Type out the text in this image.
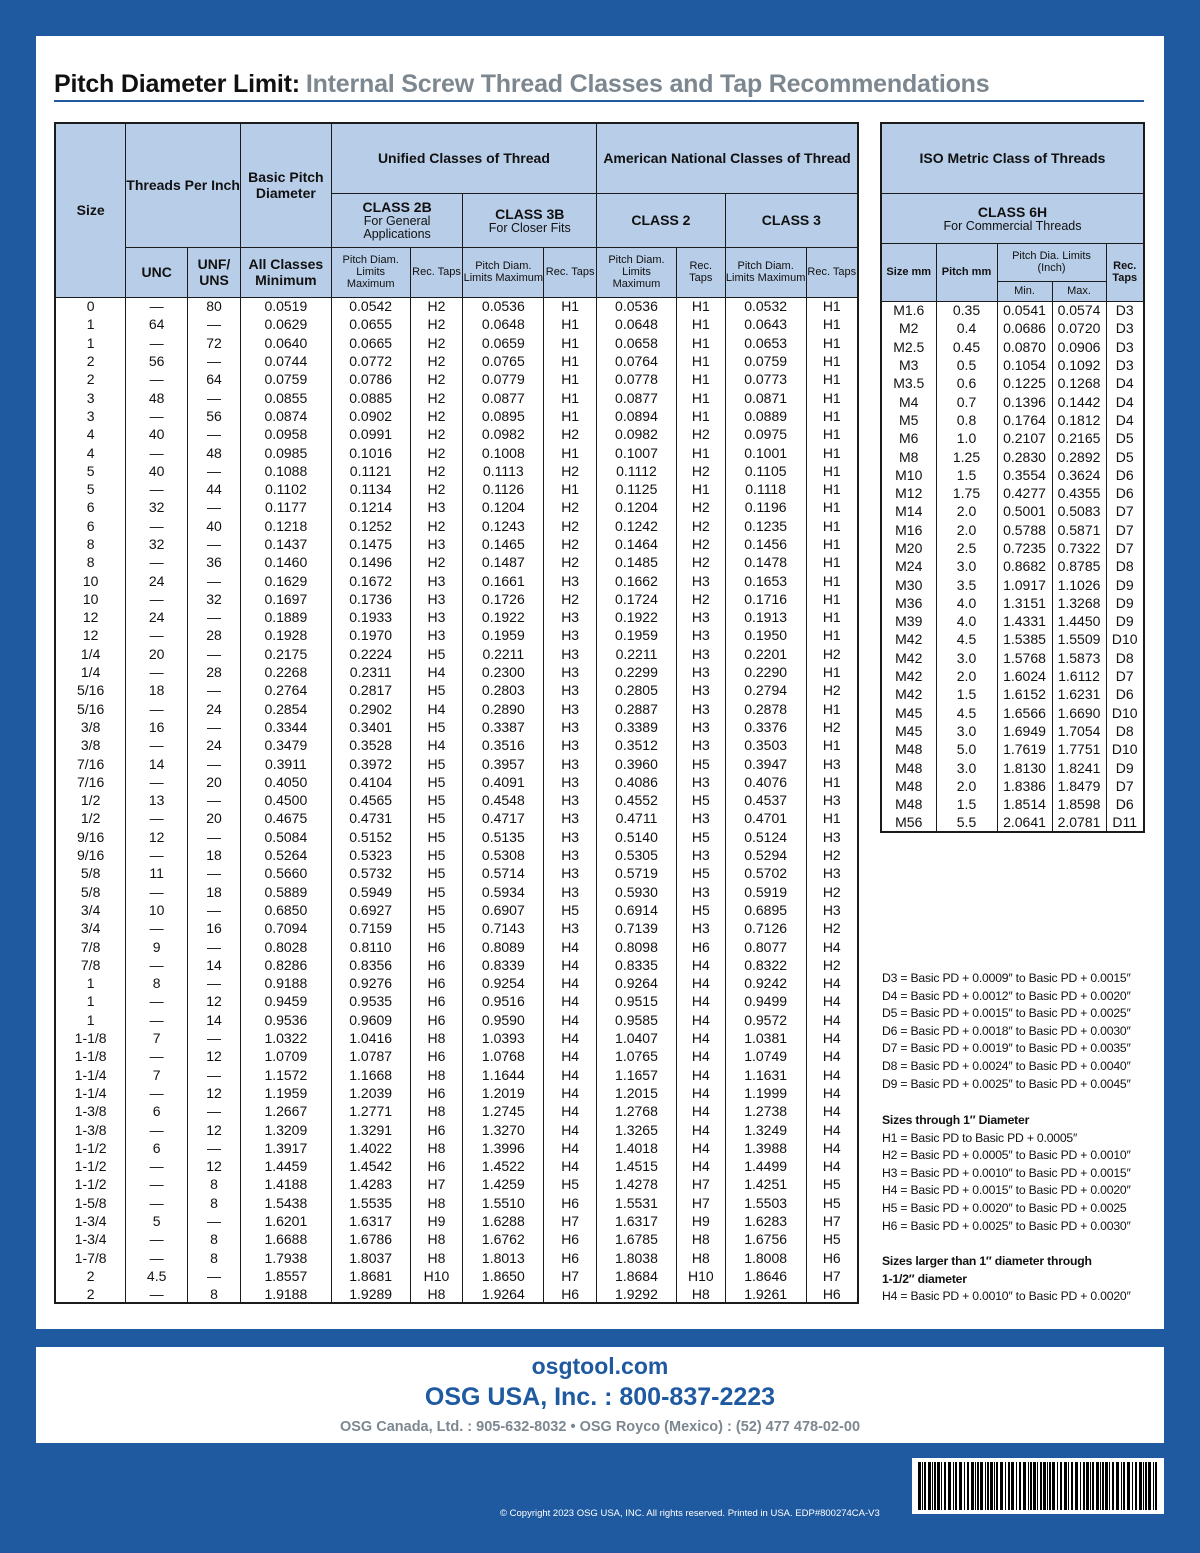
Pitch Diameter Limit: Internal Screw Thread Classes and Tap Recommendations
Size	Threads Per Inch		Basic Pitch Diameter	Unified Classes of Thread				American National Classes of Thread			
				CLASS 2B
For General Applications		CLASS 3B
For Closer Fits		CLASS 2		CLASS 3	
	UNC	UNF/ UNS	All Classes Minimum	Pitch Diam. Limits Maximum	Rec. Taps	Pitch Diam. Limits Maximum	Rec. Taps	Pitch Diam. Limits Maximum	Rec. Taps	Pitch Diam. Limits Maximum	Rec. Taps
0	—	80	0.0519	0.0542	H2	0.0536	H1	0.0536	H1	0.0532	H1
1	64	—	0.0629	0.0655	H2	0.0648	H1	0.0648	H1	0.0643	H1
1	—	72	0.0640	0.0665	H2	0.0659	H1	0.0658	H1	0.0653	H1
2	56	—	0.0744	0.0772	H2	0.0765	H1	0.0764	H1	0.0759	H1
2	—	64	0.0759	0.0786	H2	0.0779	H1	0.0778	H1	0.0773	H1
3	48	—	0.0855	0.0885	H2	0.0877	H1	0.0877	H1	0.0871	H1
3	—	56	0.0874	0.0902	H2	0.0895	H1	0.0894	H1	0.0889	H1
4	40	—	0.0958	0.0991	H2	0.0982	H2	0.0982	H2	0.0975	H1
4	—	48	0.0985	0.1016	H2	0.1008	H1	0.1007	H1	0.1001	H1
5	40	—	0.1088	0.1121	H2	0.1113	H2	0.1112	H2	0.1105	H1
5	—	44	0.1102	0.1134	H2	0.1126	H1	0.1125	H1	0.1118	H1
6	32	—	0.1177	0.1214	H3	0.1204	H2	0.1204	H2	0.1196	H1
6	—	40	0.1218	0.1252	H2	0.1243	H2	0.1242	H2	0.1235	H1
8	32	—	0.1437	0.1475	H3	0.1465	H2	0.1464	H2	0.1456	H1
8	—	36	0.1460	0.1496	H2	0.1487	H2	0.1485	H2	0.1478	H1
10	24	—	0.1629	0.1672	H3	0.1661	H3	0.1662	H3	0.1653	H1
10	—	32	0.1697	0.1736	H3	0.1726	H2	0.1724	H2	0.1716	H1
12	24	—	0.1889	0.1933	H3	0.1922	H3	0.1922	H3	0.1913	H1
12	—	28	0.1928	0.1970	H3	0.1959	H3	0.1959	H3	0.1950	H1
1/4	20	—	0.2175	0.2224	H5	0.2211	H3	0.2211	H3	0.2201	H2
1/4	—	28	0.2268	0.2311	H4	0.2300	H3	0.2299	H3	0.2290	H1
5/16	18	—	0.2764	0.2817	H5	0.2803	H3	0.2805	H3	0.2794	H2
5/16	—	24	0.2854	0.2902	H4	0.2890	H3	0.2887	H3	0.2878	H1
3/8	16	—	0.3344	0.3401	H5	0.3387	H3	0.3389	H3	0.3376	H2
3/8	—	24	0.3479	0.3528	H4	0.3516	H3	0.3512	H3	0.3503	H1
7/16	14	—	0.3911	0.3972	H5	0.3957	H3	0.3960	H5	0.3947	H3
7/16	—	20	0.4050	0.4104	H5	0.4091	H3	0.4086	H3	0.4076	H1
1/2	13	—	0.4500	0.4565	H5	0.4548	H3	0.4552	H5	0.4537	H3
1/2	—	20	0.4675	0.4731	H5	0.4717	H3	0.4711	H3	0.4701	H1
9/16	12	—	0.5084	0.5152	H5	0.5135	H3	0.5140	H5	0.5124	H3
9/16	—	18	0.5264	0.5323	H5	0.5308	H3	0.5305	H3	0.5294	H2
5/8	11	—	0.5660	0.5732	H5	0.5714	H3	0.5719	H5	0.5702	H3
5/8	—	18	0.5889	0.5949	H5	0.5934	H3	0.5930	H3	0.5919	H2
3/4	10	—	0.6850	0.6927	H5	0.6907	H5	0.6914	H5	0.6895	H3
3/4	—	16	0.7094	0.7159	H5	0.7143	H3	0.7139	H3	0.7126	H2
7/8	9	—	0.8028	0.8110	H6	0.8089	H4	0.8098	H6	0.8077	H4
7/8	—	14	0.8286	0.8356	H6	0.8339	H4	0.8335	H4	0.8322	H2
1	8	—	0.9188	0.9276	H6	0.9254	H4	0.9264	H4	0.9242	H4
1	—	12	0.9459	0.9535	H6	0.9516	H4	0.9515	H4	0.9499	H4
1	—	14	0.9536	0.9609	H6	0.9590	H4	0.9585	H4	0.9572	H4
1-1/8	7	—	1.0322	1.0416	H8	1.0393	H4	1.0407	H4	1.0381	H4
1-1/8	—	12	1.0709	1.0787	H6	1.0768	H4	1.0765	H4	1.0749	H4
1-1/4	7	—	1.1572	1.1668	H8	1.1644	H4	1.1657	H4	1.1631	H4
1-1/4	—	12	1.1959	1.2039	H6	1.2019	H4	1.2015	H4	1.1999	H4
1-3/8	6	—	1.2667	1.2771	H8	1.2745	H4	1.2768	H4	1.2738	H4
1-3/8	—	12	1.3209	1.3291	H6	1.3270	H4	1.3265	H4	1.3249	H4
1-1/2	6	—	1.3917	1.4022	H8	1.3996	H4	1.4018	H4	1.3988	H4
1-1/2	—	12	1.4459	1.4542	H6	1.4522	H4	1.4515	H4	1.4499	H4
1-1/2	—	8	1.4188	1.4283	H7	1.4259	H5	1.4278	H7	1.4251	H5
1-5/8	—	8	1.5438	1.5535	H8	1.5510	H6	1.5531	H7	1.5503	H5
1-3/4	5	—	1.6201	1.6317	H9	1.6288	H7	1.6317	H9	1.6283	H7
1-3/4	—	8	1.6688	1.6786	H8	1.6762	H6	1.6785	H8	1.6756	H5
1-7/8	—	8	1.7938	1.8037	H8	1.8013	H6	1.8038	H8	1.8008	H6
2	4.5	—	1.8557	1.8681	H10	1.8650	H7	1.8684	H10	1.8646	H7
2	—	8	1.9188	1.9289	H8	1.9264	H6	1.9292	H8	1.9261	H6
ISO Metric Class of Threads				
CLASS 6H
For Commercial Threads				

Size mm	Pitch mm	Pitch Dia. Limits (Inch)		Rec. Taps
		Min.	Max.	
M1.6	0.35	0.0541	0.0574	D3
M2	0.4	0.0686	0.0720	D3
M2.5	0.45	0.0870	0.0906	D3
M3	0.5	0.1054	0.1092	D3
M3.5	0.6	0.1225	0.1268	D4
M4	0.7	0.1396	0.1442	D4
M5	0.8	0.1764	0.1812	D4
M6	1.0	0.2107	0.2165	D5
M8	1.25	0.2830	0.2892	D5
M10	1.5	0.3554	0.3624	D6
M12	1.75	0.4277	0.4355	D6
M14	2.0	0.5001	0.5083	D7
M16	2.0	0.5788	0.5871	D7
M20	2.5	0.7235	0.7322	D7
M24	3.0	0.8682	0.8785	D8
M30	3.5	1.0917	1.1026	D9
M36	4.0	1.3151	1.3268	D9
M39	4.0	1.4331	1.4450	D9
M42	4.5	1.5385	1.5509	D10
M42	3.0	1.5768	1.5873	D8
M42	2.0	1.6024	1.6112	D7
M42	1.5	1.6152	1.6231	D6
M45	4.5	1.6566	1.6690	D10
M45	3.0	1.6949	1.7054	D8
M48	5.0	1.7619	1.7751	D10
M48	3.0	1.8130	1.8241	D9
M48	2.0	1.8386	1.8479	D7
M48	1.5	1.8514	1.8598	D6
M56	5.5	2.0641	2.0781	D11
D3 = Basic PD + 0.0009″ to Basic PD + 0.0015″
D4 = Basic PD + 0.0012″ to Basic PD + 0.0020″
D5 = Basic PD + 0.0015″ to Basic PD + 0.0025″
D6 = Basic PD + 0.0018″ to Basic PD + 0.0030″
D7 = Basic PD + 0.0019″ to Basic PD + 0.0035″
D8 = Basic PD + 0.0024″ to Basic PD + 0.0040″
D9 = Basic PD + 0.0025″ to Basic PD + 0.0045″
Sizes through 1″ Diameter
H1 = Basic PD to Basic PD + 0.0005″
H2 = Basic PD + 0.0005″ to Basic PD + 0.0010″
H3 = Basic PD + 0.0010″ to Basic PD + 0.0015″
H4 = Basic PD + 0.0015″ to Basic PD + 0.0020″
H5 = Basic PD + 0.0020″ to Basic PD + 0.0025
H6 = Basic PD + 0.0025″ to Basic PD + 0.0030″
Sizes larger than 1″ diameter through
1-1/2″ diameter
H4 = Basic PD + 0.0010″ to Basic PD + 0.0020″
osgtool.com
OSG USA, Inc. : 800-837-2223
OSG Canada, Ltd. : 905-632-8032 • OSG Royco (Mexico) : (52) 477 478-02-00
© Copyright 2023 OSG USA, INC. All rights reserved. Printed in USA. EDP#800274CA-V3
